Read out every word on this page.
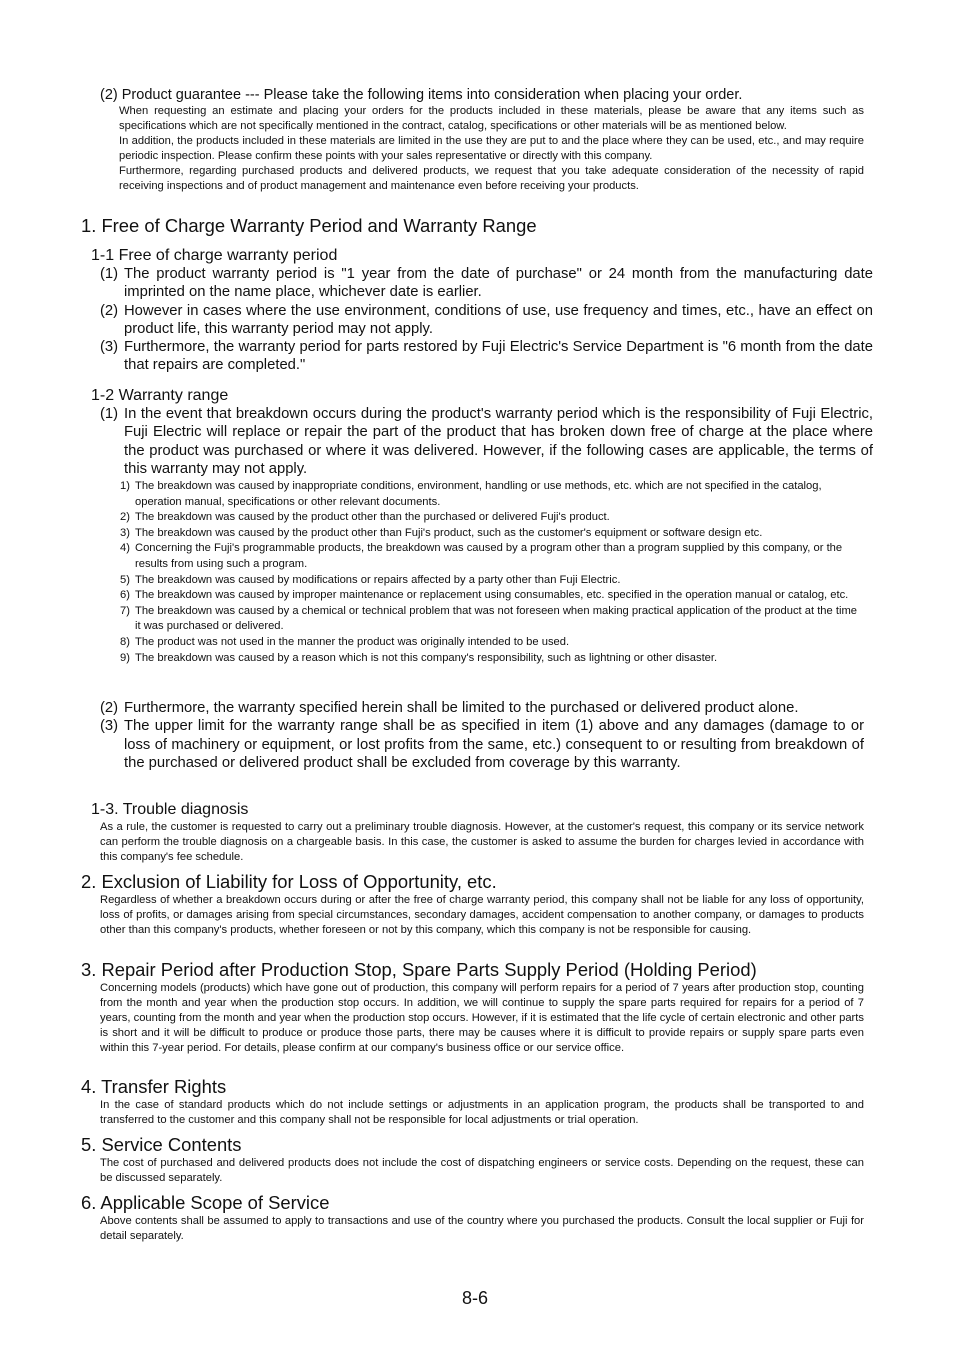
(2) Product guarantee --- Please take the following items into consideration when placing your order.

When requesting an estimate and placing your orders for the products included in these materials, please be aware that any items such as specifications which are not specifically mentioned in the contract, catalog, specifications or other materials will be as mentioned below.
In addition, the products included in these materials are limited in the use they are put to and the place where they can be used, etc., and may require periodic inspection. Please confirm these points with your sales representative or directly with this company.
Furthermore, regarding purchased products and delivered products, we request that you take adequate consideration of the necessity of rapid receiving inspections and of product management and maintenance even before receiving your products.
1. Free of Charge Warranty Period and Warranty Range
1-1 Free of charge warranty period
(1) The product warranty period is "1 year from the date of purchase" or 24 month from the manufacturing date imprinted on the name place, whichever date is earlier.
(2) However in cases where the use environment, conditions of use, use frequency and times, etc., have an effect on product life, this warranty period may not apply.
(3) Furthermore, the warranty period for parts restored by Fuji Electric's Service Department is "6 month from the date that repairs are completed."
1-2 Warranty range
(1) In the event that breakdown occurs during the product's warranty period which is the responsibility of Fuji Electric, Fuji Electric will replace or repair the part of the product that has broken down free of charge at the place where the product was purchased or where it was delivered. However, if the following cases are applicable, the terms of this warranty may not apply.
1) The breakdown was caused by inappropriate conditions, environment, handling or use methods, etc. which are not specified in the catalog, operation manual, specifications or other relevant documents.
2) The breakdown was caused by the product other than the purchased or delivered Fuji's product.
3) The breakdown was caused by the product other than Fuji's product, such as the customer's equipment or software design etc.
4) Concerning the Fuji's programmable products, the breakdown was caused by a program other than a program supplied by this company, or the results from using such a program.
5) The breakdown was caused by modifications or repairs affected by a party other than Fuji Electric.
6) The breakdown was caused by improper maintenance or replacement using consumables, etc. specified in the operation manual or catalog, etc.
7) The breakdown was caused by a chemical or technical problem that was not foreseen when making practical application of the product at the time it was purchased or delivered.
8) The product was not used in the manner the product was originally intended to be used.
9) The breakdown was caused by a reason which is not this company's responsibility, such as lightning or other disaster.
(2) Furthermore, the warranty specified herein shall be limited to the purchased or delivered product alone.
(3) The upper limit for the warranty range shall be as specified in item (1) above and any damages (damage to or loss of machinery or equipment, or lost profits from the same, etc.) consequent to or resulting from breakdown of the purchased or delivered product shall be excluded from coverage by this warranty.
1-3. Trouble diagnosis
As a rule, the customer is requested to carry out a preliminary trouble diagnosis. However, at the customer's request, this company or its service network can perform the trouble diagnosis on a chargeable basis. In this case, the customer is asked to assume the burden for charges levied in accordance with this company's fee schedule.
2. Exclusion of Liability for Loss of Opportunity, etc.
Regardless of whether a breakdown occurs during or after the free of charge warranty period, this company shall not be liable for any loss of opportunity, loss of profits, or damages arising from special circumstances, secondary damages, accident compensation to another company, or damages to products other than this company's products, whether foreseen or not by this company, which this company is not be responsible for causing.
3. Repair Period after Production Stop, Spare Parts Supply Period (Holding Period)
Concerning models (products) which have gone out of production, this company will perform repairs for a period of 7 years after production stop, counting from the month and year when the production stop occurs. In addition, we will continue to supply the spare parts required for repairs for a period of 7 years, counting from the month and year when the production stop occurs. However, if it is estimated that the life cycle of certain electronic and other parts is short and it will be difficult to produce or produce those parts, there may be causes where it is difficult to provide repairs or supply spare parts even within this 7-year period. For details, please confirm at our company's business office or our service office.
4. Transfer Rights
In the case of standard products which do not include settings or adjustments in an application program, the products shall be transported to and transferred to the customer and this company shall not be responsible for local adjustments or trial operation.
5. Service Contents
The cost of purchased and delivered products does not include the cost of dispatching engineers or service costs. Depending on the request, these can be discussed separately.
6. Applicable Scope of Service
Above contents shall be assumed to apply to transactions and use of the country where you purchased the products. Consult the local supplier or Fuji for detail separately.
8-6
